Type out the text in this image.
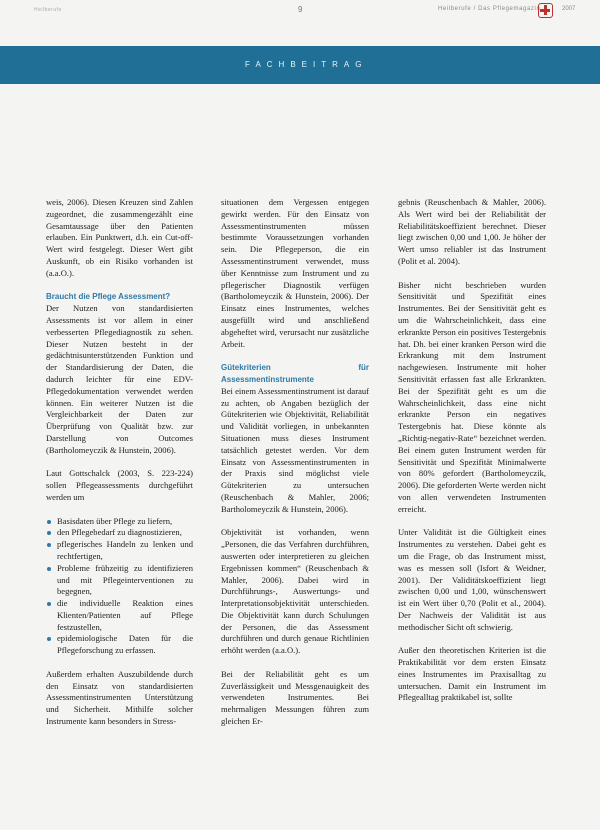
Heilberufe	9	Heilberufe / Das Pflegemagazin	2007
FACHBEITRAG

weis, 2006). Diesen Kreuzen sind Zahlen zugeordnet, die zusammengezählt eine Gesamtaussage über den Patienten erlauben. Ein Punktwert, d.h. ein Cut-off-Wert wird festgelegt. Dieser Wert gibt Auskunft, ob ein Risiko vorhanden ist (a.a.O.).

Braucht die Pflege Assessment?

Der Nutzen von standardisierten Assessments ist vor allem in einer verbesserten Pflegediagnostik zu sehen. Dieser Nutzen besteht in der gedächtnisunterstützenden Funktion und der Standardisierung der Daten, die dadurch leichter für eine EDV-Pflegedokumentation verwendet werden können. Ein weiterer Nutzen ist die Vergleichbarkeit der Daten zur Überprüfung von Qualität bzw. zur Darstellung von Outcomes (Bartholomeyczik & Hunstein, 2006).

Laut Gottschalck (2003, S. 223-224) sollen Pflegeassessments durchgeführt werden um

Basisdaten über Pflege zu liefern,
den Pflegebedarf zu diagnostizieren,
pflegerisches Handeln zu lenken und rechtfertigen,
Probleme frühzeitig zu identifizieren und mit Pflegeinterventionen zu begegnen,
die individuelle Reaktion eines Klienten/Patienten auf Pflege festzustellen,
epidemiologische Daten für die Pflegeforschung zu erfassen.

Außerdem erhalten Auszubildende durch den Einsatz von standardisierten Assessmentinstrumenten Unterstützung und Sicherheit. Mithilfe solcher Instrumente kann besonders in Stress-

situationen dem Vergessen entgegen gewirkt werden. Für den Einsatz von Assessmentinstrumenten müssen bestimmte Voraussetzungen vorhanden sein. Die Pflegeperson, die ein Assessmentinstrument verwendet, muss über Kenntnisse zum Instrument und zu pflegerischer Diagnostik verfügen (Bartholomeyczik & Hunstein, 2006). Der Einsatz eines Instrumentes, welches ausgefüllt wird und anschließend abgeheftet wird, verursacht nur zusätzliche Arbeit.

Gütekriterien für Assessmentinstrumente

Bei einem Assessmentinstrument ist darauf zu achten, ob Angaben bezüglich der Gütekriterien wie Objektivität, Reliabilität und Validität vorliegen, in unbekannten Situationen muss dieses Instrument tatsächlich getestet werden. Vor dem Einsatz von Assessmentinstrumenten in der Praxis sind möglichst viele Gütekriterien zu untersuchen (Reuschenbach & Mahler, 2006; Bartholomeyczik & Hunstein, 2006).

Objektivität ist vorhanden, wenn „Personen, die das Verfahren durchführen, auswerten oder interpretieren zu gleichen Ergebnissen kommen“ (Reuschenbach & Mahler, 2006). Dabei wird in Durchführungs-, Auswertungs- und Interpretationsobjektivität unterschieden. Die Objektivität kann durch Schulungen der Personen, die das Assessment durchführen und durch genaue Richtlinien erhöht werden (a.a.O.).

Bei der Reliabilität geht es um Zuverlässigkeit und Messgenauigkeit des verwendeten Instrumentes. Bei mehrmaligen Messungen führen zum gleichen Er-

gebnis (Reuschenbach & Mahler, 2006). Als Wert wird bei der Reliabilität der Reliabilitätskoeffizient berechnet. Dieser liegt zwischen 0,00 und 1,00. Je höher der Wert umso reliabler ist das Instrument (Polit et al. 2004).

Bisher nicht beschrieben wurden Sensitivität und Spezifität eines Instrumentes. Bei der Sensitivität geht es um die Wahrscheinlichkeit, dass eine erkrankte Person ein positives Testergebnis hat. Dh. bei einer kranken Person wird die Erkrankung mit dem Instrument nachgewiesen. Instrumente mit hoher Sensitivität erfassen fast alle Erkrankten. Bei der Spezifität geht es um die Wahrscheinlichkeit, dass eine nicht erkrankte Person ein negatives Testergebnis hat. Diese könnte als „Richtig-negativ-Rate“ bezeichnet werden. Bei einem guten Instrument werden für Sensitivität und Spezifität Minimalwerte von 80% gefordert (Bartholomeyczik, 2006). Die geforderten Werte werden nicht von allen verwendeten Instrumenten erreicht.

Unter Validität ist die Gültigkeit eines Instrumentes zu verstehen. Dabei geht es um die Frage, ob das Instrument misst, was es messen soll (Isfort & Weidner, 2001). Der Validitätskoeffizient liegt zwischen 0,00 und 1,00, wünschenswert ist ein Wert über 0,70 (Polit et al., 2004). Der Nachweis der Validität ist aus methodischer Sicht oft schwierig.

Außer den theoretischen Kriterien ist die Praktikabilität vor dem ersten Einsatz eines Instrumentes im Praxisalltag zu untersuchen. Damit ein Instrument im Pflegealltag praktikabel ist, sollte
